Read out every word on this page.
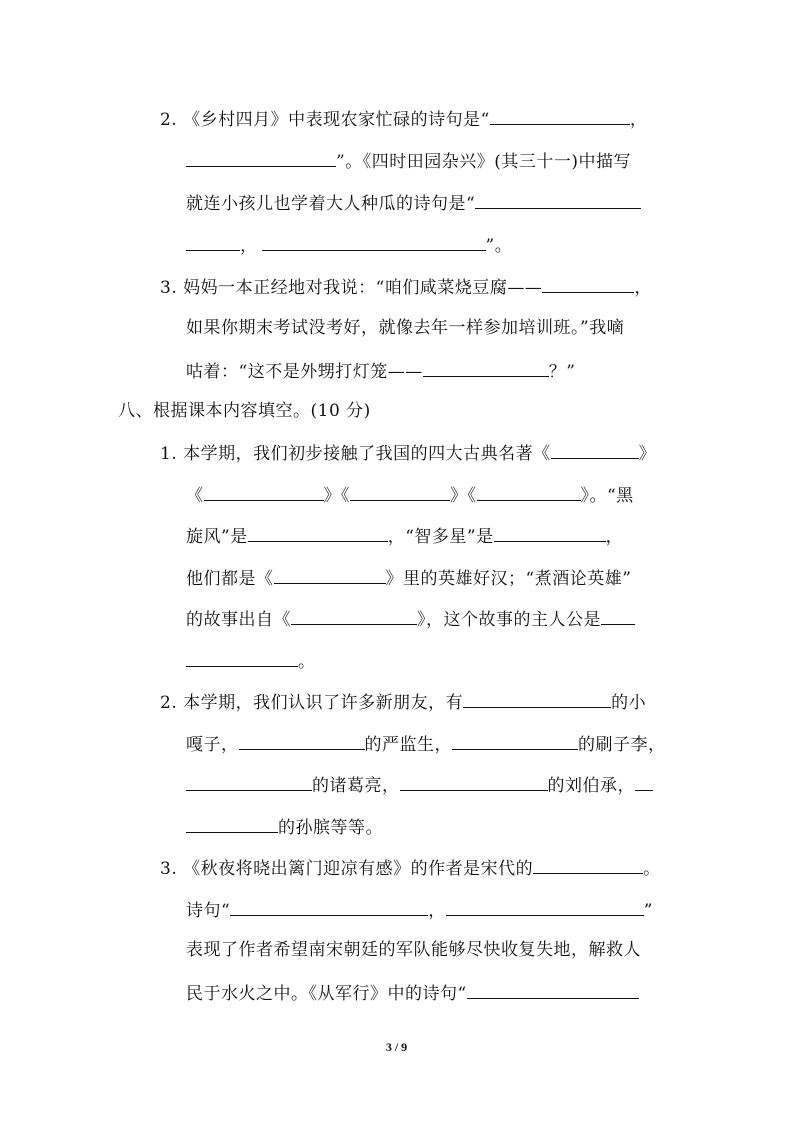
2. 《乡村四月》中表现农家忙碌的诗句是“	，
”。《四时田园杂兴》(其三十一)中描写
就连小孩儿也学着大人种瓜的诗句是“
，	”。
3. 妈妈一本正经地对我说：“咱们咸菜烧豆腐——	，
如果你期末考试没考好，就像去年一样参加培训班。”我嘀
咕着：“这不是外甥打灯笼——	？”
八、根据课本内容填空。(10 分)
1. 本学期，我们初步接触了我国的四大古典名著《	》
《	》《	》《	》。“黑
旋风”是	，“智多星”是	，
他们都是《	》里的英雄好汉；“煮酒论英雄”
的故事出自《	》，这个故事的主人公是
。
2. 本学期，我们认识了许多新朋友，有	的小
嘎子，	的严监生，	的刷子李，
的诸葛亮，	的刘伯承，
的孙膑等等。
3. 《秋夜将晓出篱门迎凉有感》的作者是宋代的	。
诗句“	，	”
表现了作者希望南宋朝廷的军队能够尽快收复失地，解救人
民于水火之中。《从军行》中的诗句“
3 / 9
